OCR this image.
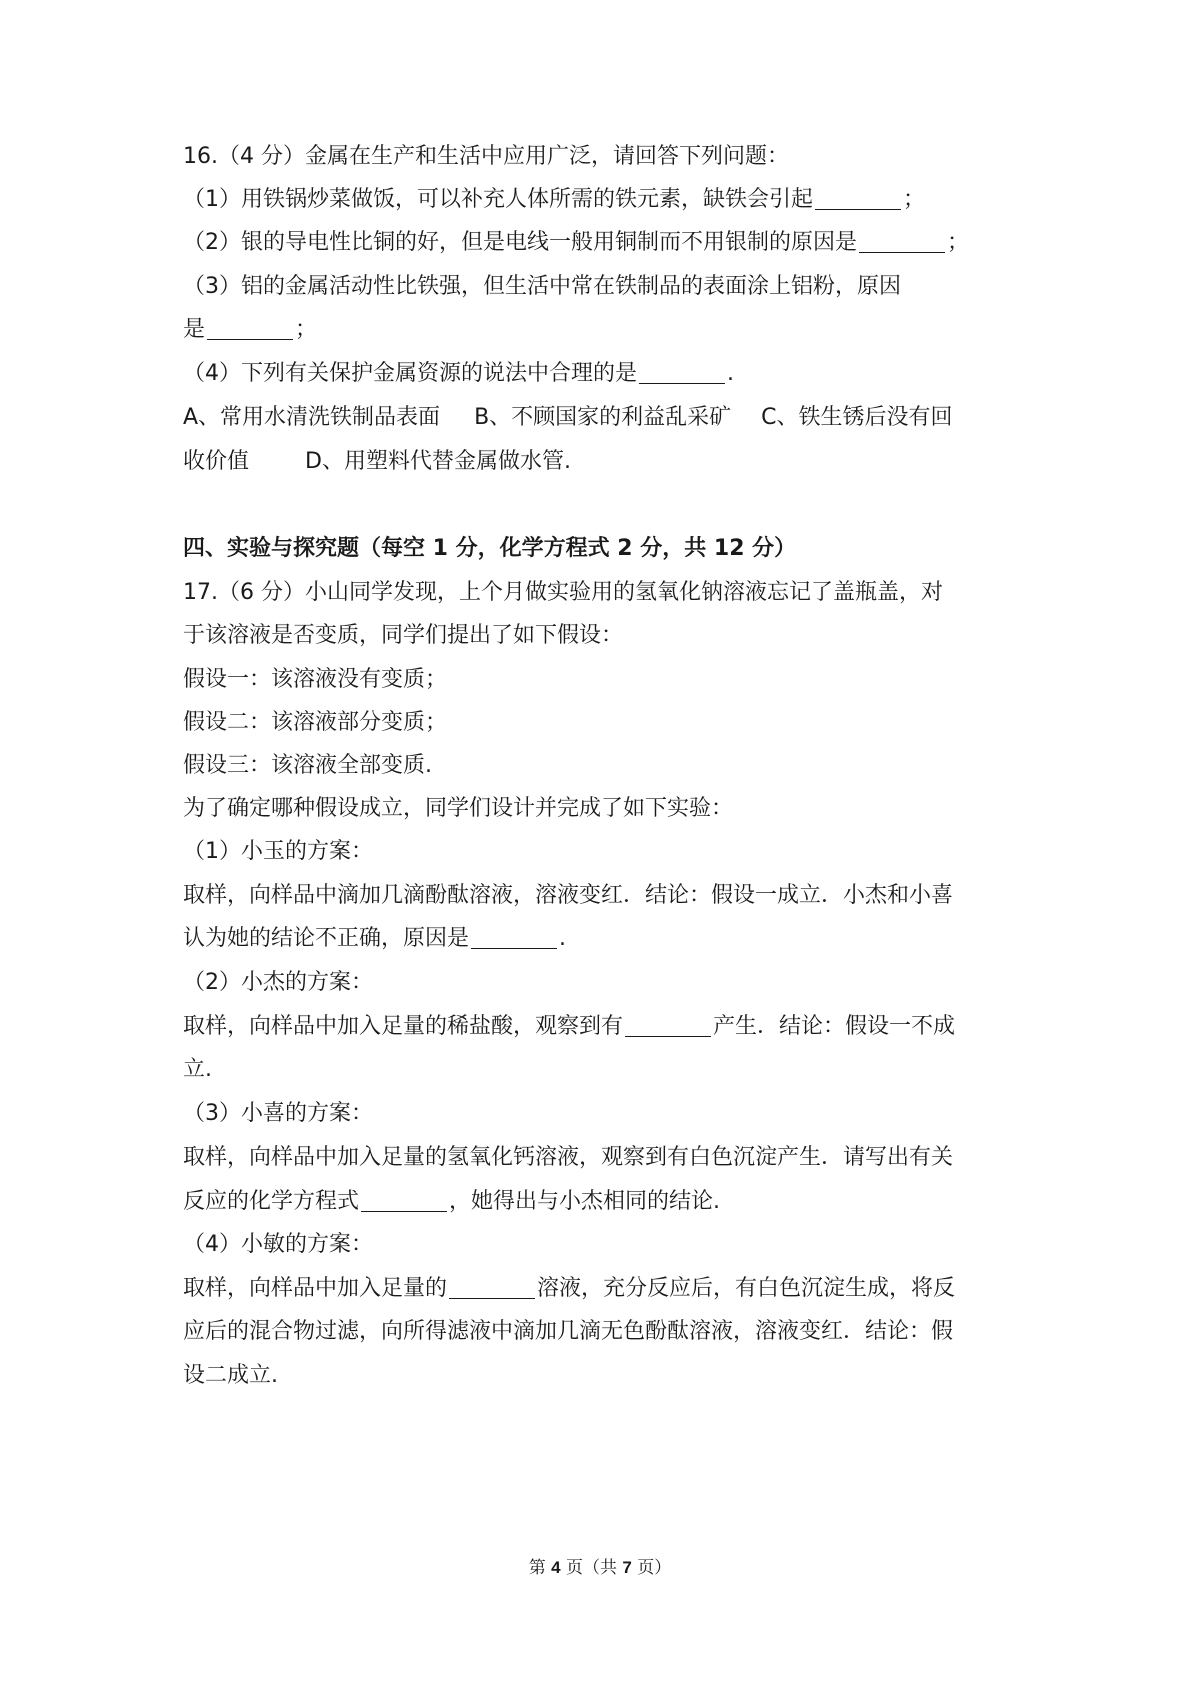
16.（4 分）金属在生产和生活中应用广泛，请回答下列问题：
（1）用铁锅炒菜做饭，可以补充人体所需的铁元素，缺铁会引起	；
（2）银的导电性比铜的好，但是电线一般用铜制而不用银制的原因是	；
（3）铝的金属活动性比铁强，但生活中常在铁制品的表面涂上铝粉，原因
是	；
（4）下列有关保护金属资源的说法中合理的是	.
A、常用水清洗铁制品表面 B、不顾国家的利益乱采矿 C、铁生锈后没有回
收价值	D、用塑料代替金属做水管.
四、实验与探究题（每空 1 分，化学方程式 2 分，共 12 分）
17.（6 分）小山同学发现，上个月做实验用的氢氧化钠溶液忘记了盖瓶盖，对
于该溶液是否变质，同学们提出了如下假设：
假设一：该溶液没有变质；
假设二：该溶液部分变质；
假设三：该溶液全部变质.
为了确定哪种假设成立，同学们设计并完成了如下实验：
（1）小玉的方案：
取样，向样品中滴加几滴酚酞溶液，溶液变红．结论：假设一成立．小杰和小喜
认为她的结论不正确，原因是	.
（2）小杰的方案：
取样，向样品中加入足量的稀盐酸，观察到有	产生．结论：假设一不成
立.
（3）小喜的方案：
取样，向样品中加入足量的氢氧化钙溶液，观察到有白色沉淀产生．请写出有关
反应的化学方程式	，她得出与小杰相同的结论.
（4）小敏的方案：
取样，向样品中加入足量的	溶液，充分反应后，有白色沉淀生成，将反
应后的混合物过滤，向所得滤液中滴加几滴无色酚酞溶液，溶液变红．结论：假
设二成立.
第 4 页（共 7 页）
